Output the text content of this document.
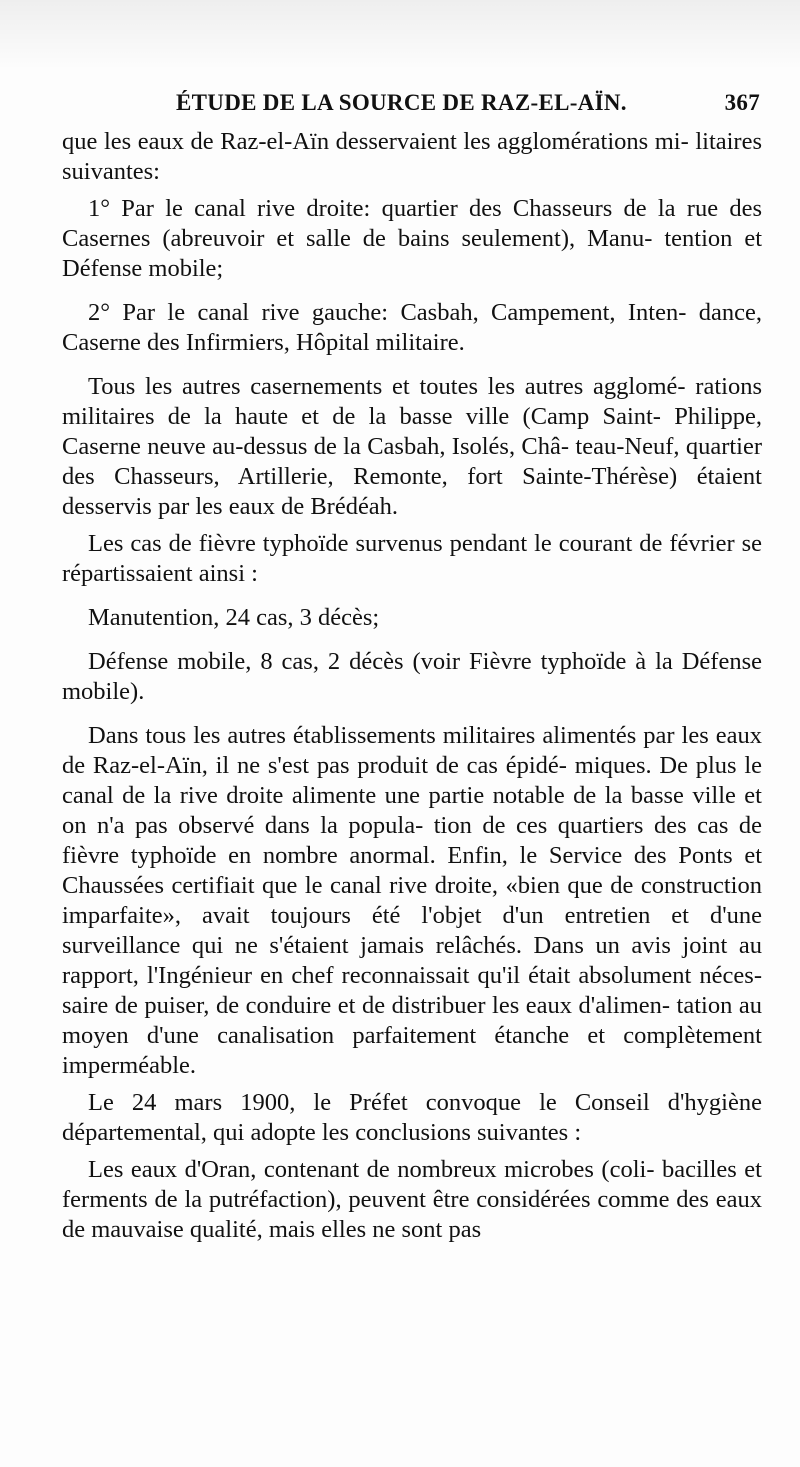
ÉTUDE DE LA SOURCE DE RAZ-EL-AÏN.	367

que les eaux de Raz-el-Aïn desservaient les agglomérations mi- litaires suivantes:

1° Par le canal rive droite: quartier des Chasseurs de la rue des Casernes (abreuvoir et salle de bains seulement), Manu- tention et Défense mobile;

2° Par le canal rive gauche: Casbah, Campement, Inten- dance, Caserne des Infirmiers, Hôpital militaire.

Tous les autres casernements et toutes les autres agglomé- rations militaires de la haute et de la basse ville (Camp Saint- Philippe, Caserne neuve au-dessus de la Casbah, Isolés, Châ- teau-Neuf, quartier des Chasseurs, Artillerie, Remonte, fort Sainte-Thérèse) étaient desservis par les eaux de Brédéah.

Les cas de fièvre typhoïde survenus pendant le courant de février se répartissaient ainsi :

Manutention, 24 cas, 3 décès;

Défense mobile, 8 cas, 2 décès (voir Fièvre typhoïde à la Défense mobile).

Dans tous les autres établissements militaires alimentés par les eaux de Raz-el-Aïn, il ne s'est pas produit de cas épidé- miques. De plus le canal de la rive droite alimente une partie notable de la basse ville et on n'a pas observé dans la popula- tion de ces quartiers des cas de fièvre typhoïde en nombre anormal. Enfin, le Service des Ponts et Chaussées certifiait que le canal rive droite, «bien que de construction imparfaite», avait toujours été l'objet d'un entretien et d'une surveillance qui ne s'étaient jamais relâchés. Dans un avis joint au rapport, l'Ingénieur en chef reconnaissait qu'il était absolument néces- saire de puiser, de conduire et de distribuer les eaux d'alimen- tation au moyen d'une canalisation parfaitement étanche et complètement imperméable.

Le 24 mars 1900, le Préfet convoque le Conseil d'hygiène départemental, qui adopte les conclusions suivantes :

Les eaux d'Oran, contenant de nombreux microbes (coli- bacilles et ferments de la putréfaction), peuvent être considérées comme des eaux de mauvaise qualité, mais elles ne sont pas
